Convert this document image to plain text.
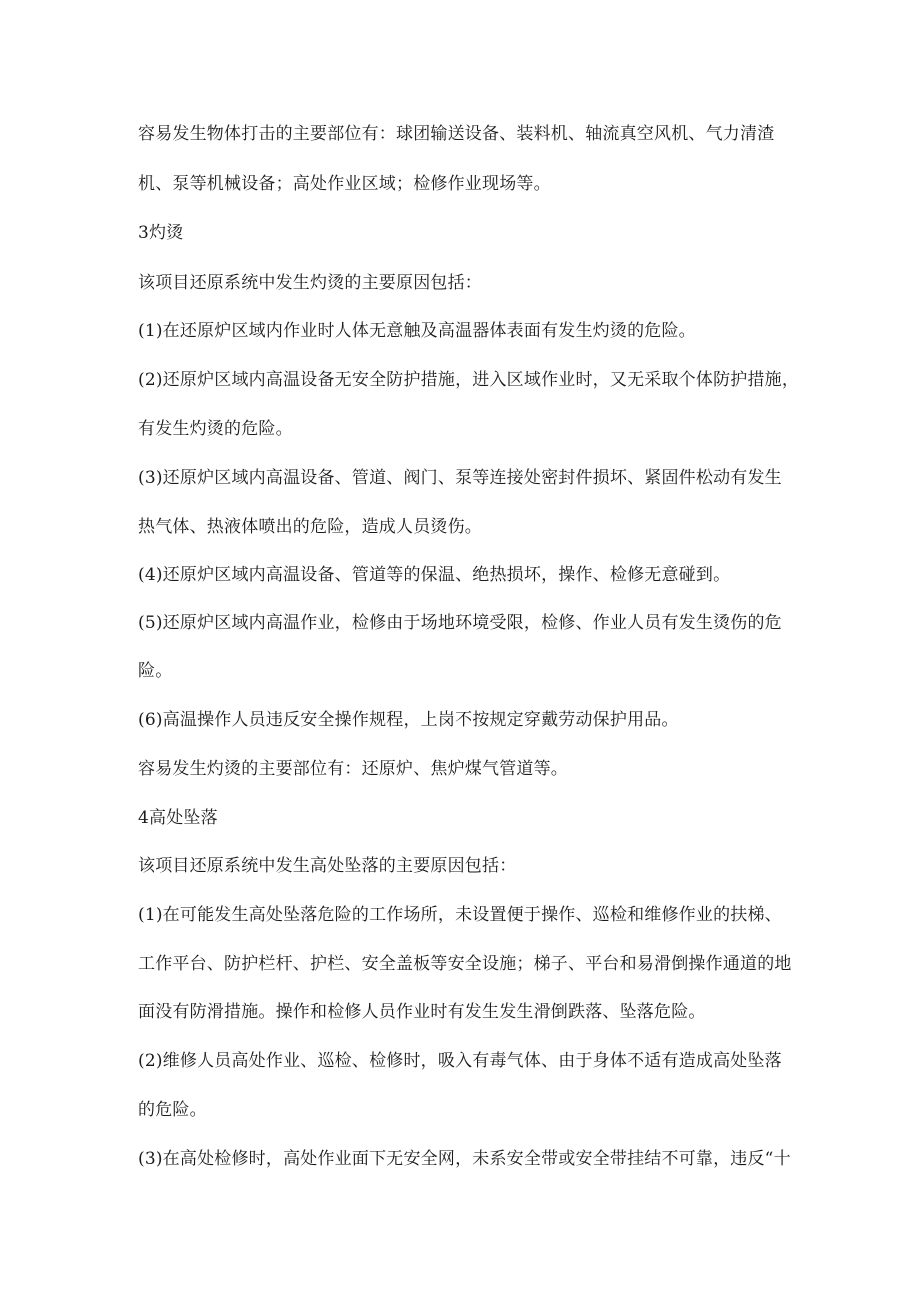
容易发生物体打击的主要部位有：球团输送设备、装料机、轴流真空风机、气力清渣
机、泵等机械设备；高处作业区域；检修作业现场等。
3灼烫
该项目还原系统中发生灼烫的主要原因包括：
(1)在还原炉区域内作业时人体无意触及高温器体表面有发生灼烫的危险。
(2)还原炉区域内高温设备无安全防护措施，进入区域作业时，又无采取个体防护措施，
有发生灼烫的危险。
(3)还原炉区域内高温设备、管道、阀门、泵等连接处密封件损坏、紧固件松动有发生
热气体、热液体喷出的危险，造成人员烫伤。
(4)还原炉区域内高温设备、管道等的保温、绝热损坏，操作、检修无意碰到。
(5)还原炉区域内高温作业，检修由于场地环境受限，检修、作业人员有发生烫伤的危
险。
(6)高温操作人员违反安全操作规程，上岗不按规定穿戴劳动保护用品。
容易发生灼烫的主要部位有：还原炉、焦炉煤气管道等。
4高处坠落
该项目还原系统中发生高处坠落的主要原因包括：
(1)在可能发生高处坠落危险的工作场所，未设置便于操作、巡检和维修作业的扶梯、
工作平台、防护栏杆、护栏、安全盖板等安全设施；梯子、平台和易滑倒操作通道的地
面没有防滑措施。操作和检修人员作业时有发生发生滑倒跌落、坠落危险。
(2)维修人员高处作业、巡检、检修时，吸入有毒气体、由于身体不适有造成高处坠落
的危险。
(3)在高处检修时，高处作业面下无安全网，未系安全带或安全带挂结不可靠，违反“十
